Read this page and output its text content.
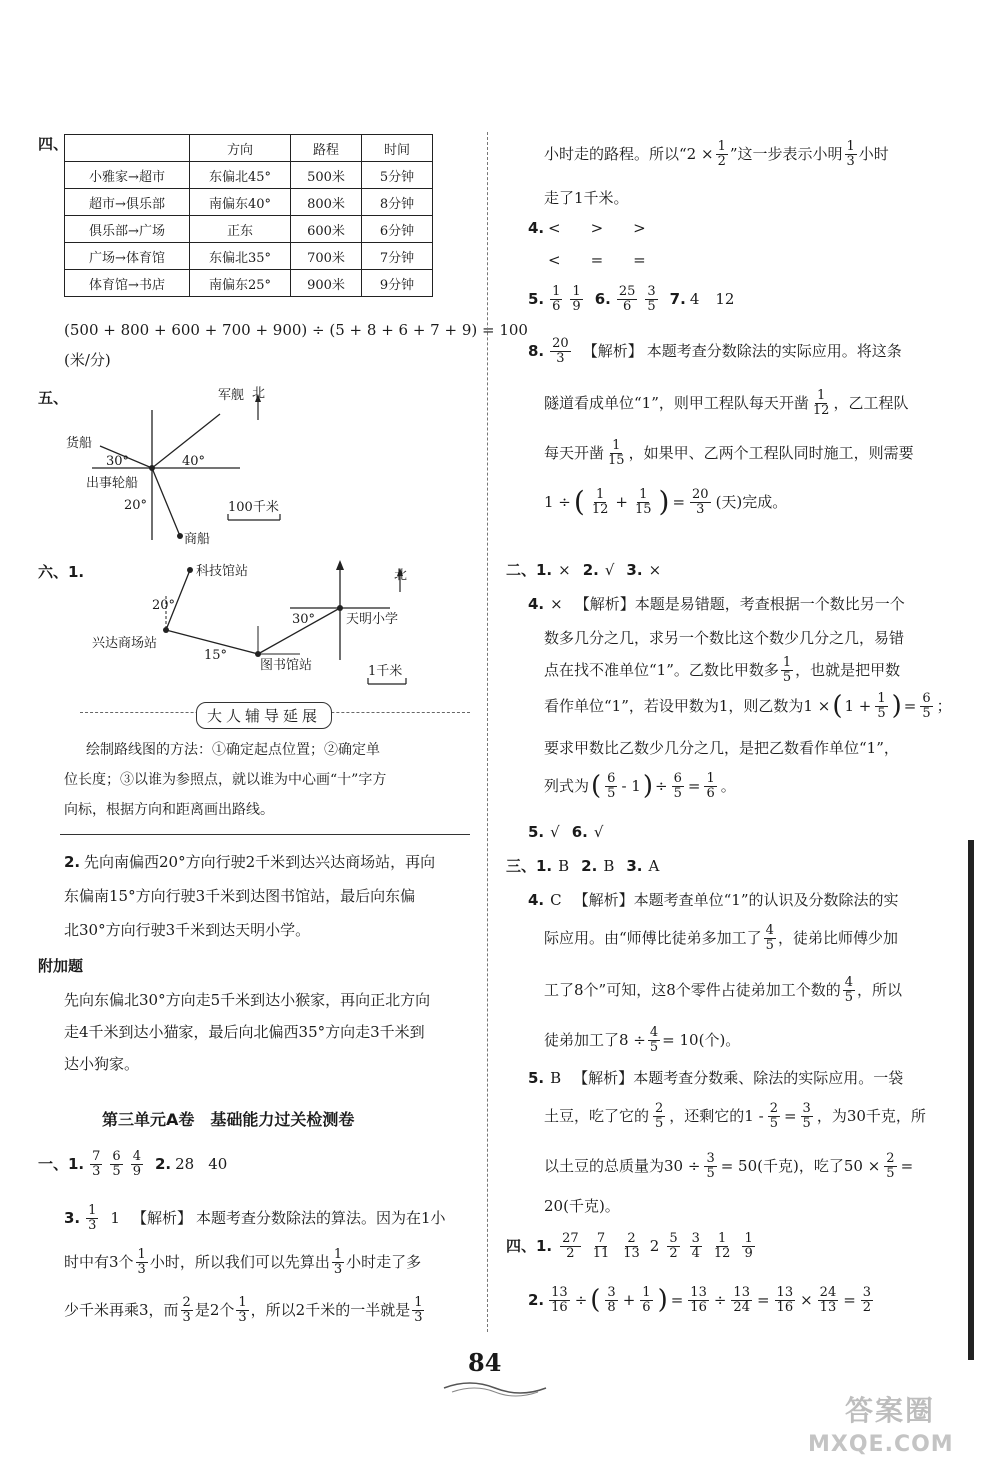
四、
		方向	路程	时间
小雅家→超市	东偏北45°	500米	5分钟
超市→俱乐部	南偏东40°	800米	8分钟
俱乐部→广场	正东	600米	6分钟
广场→体育馆	东偏北35°	700米	7分钟
体育馆→书店	南偏东25°	900米	9分钟
(500 + 800 + 600 + 700 + 900) ÷ (5 + 8 + 6 + 7 + 9) = 100
(米/分)
五、	军舰 北
货船
30°	40°
出事轮船
20°	100千米
商船
六、1.	科技馆站	北
20°
30° 天明小学
兴达商场站
15°
图书馆站	1千米
大人辅导延展
绘制路线图的方法：①确定起点位置；②确定单
位长度；③以谁为参照点，就以谁为中心画“十”字方
向标，根据方向和距离画出路线。
2. 先向南偏西20°方向行驶2千米到达兴达商场站，再向
东偏南15°方向行驶3千米到达图书馆站，最后向东偏
北30°方向行驶3千米到达天明小学。
附加题
先向东偏北30°方向走5千米到达小猴家，再向正北方向
走4千米到达小猫家，最后向北偏西35°方向走3千米到
达小狗家。
第三单元A卷　基础能力过关检测卷
一、1. $\frac{7}{3} \frac{6}{5} \frac{4}{9} 2$. 28 40
3. $\frac{1}{3} 1$ 【解析】 本题考查分数除法的算法。因为在1小
时中有3个 $\frac{1}{3}$ 小时，所以我们可以先算出 $\frac{1}{3}$ 小时走了多
少千米再乘3，而 $\frac{2}{3}$ 是2个 $\frac{1}{3}$ ，所以2千米的一半就是 $\frac{1}{3}$
小时走的路程。所以“$2 \times \frac{1}{2}$ ”这一步表示小明 $\frac{1}{3}$ 小时
走了1千米。
4. <　　>　　>
<　　=　　=
5. $\frac{1}{6} \frac{1}{9} 6$. $\frac{25}{6} \frac{3}{5} 7$. 4 12
8. $\frac{20}{3}$ 【解析】 本题考查分数除法的实际应用。将这条
隧道看成单位“1”，则甲工程队每天开凿 $\frac{1}{12}$ ，乙工程队
每天开凿 $\frac{1}{15}$ ，如果甲、乙两个工程队同时施工，则需要
1 ÷ ( $\frac{1}{12} + \frac{1}{15}$ ) = $\frac{20}{3}$ (天)完成。
二、1. × 2. √ 3. ×
4. × 【解析】 本题是易错题，考查根据一个数比另一个
数多几分之几，求另一个数比这个数少几分之几，易错
点在找不准单位“1”。乙数比甲数多 $\frac{1}{5}$ ，也就是把甲数
看作单位“1”，若设甲数为1，则乙数为1 × ( $1 + \frac{1}{5}$ ) = $\frac{6}{5}$ ；
要求甲数比乙数少几分之几，是把乙数看作单位“1”，
列式为 ( $\frac{6}{5} - 1$ ) ÷ $\frac{6}{5} = \frac{1}{6}$ 。
5. √ 6. √
三、1. B 2. B 3. A
4. C 【解析】 本题考查单位“1”的认识及分数除法的实
际应用。由“师傅比徒弟多加工了 $\frac{4}{5}$ ，徒弟比师傅少加
工了8个”可知，这8个零件占徒弟加工个数的 $\frac{4}{5}$ ，所以
徒弟加工了$8 \div \frac{4}{5} = 10$(个)。
5. B 【解析】 本题考查分数乘、除法的实际应用。一袋
土豆，吃了它的 $\frac{2}{5}$ ，还剩它的$1 - \frac{2}{5} = \frac{3}{5}$ ，为30千克，所
以土豆的总质量为$30 \div \frac{3}{5} = 50$(千克)，吃了$50 \times \frac{2}{5}$ =
20(千克)。
四、1. $\frac{27}{2} \frac{7}{11} \frac{2}{13} 2 \frac{5}{2} \frac{3}{4} \frac{1}{12} \frac{1}{9}$
2. $\frac{13}{16}$ ÷ ( $\frac{3}{8} + \frac{1}{6}$ ) = $\frac{13}{16} \div \frac{13}{24} = \frac{13}{16} \times \frac{24}{13} = \frac{3}{2}$
84
答案圈
MXQE.COM
